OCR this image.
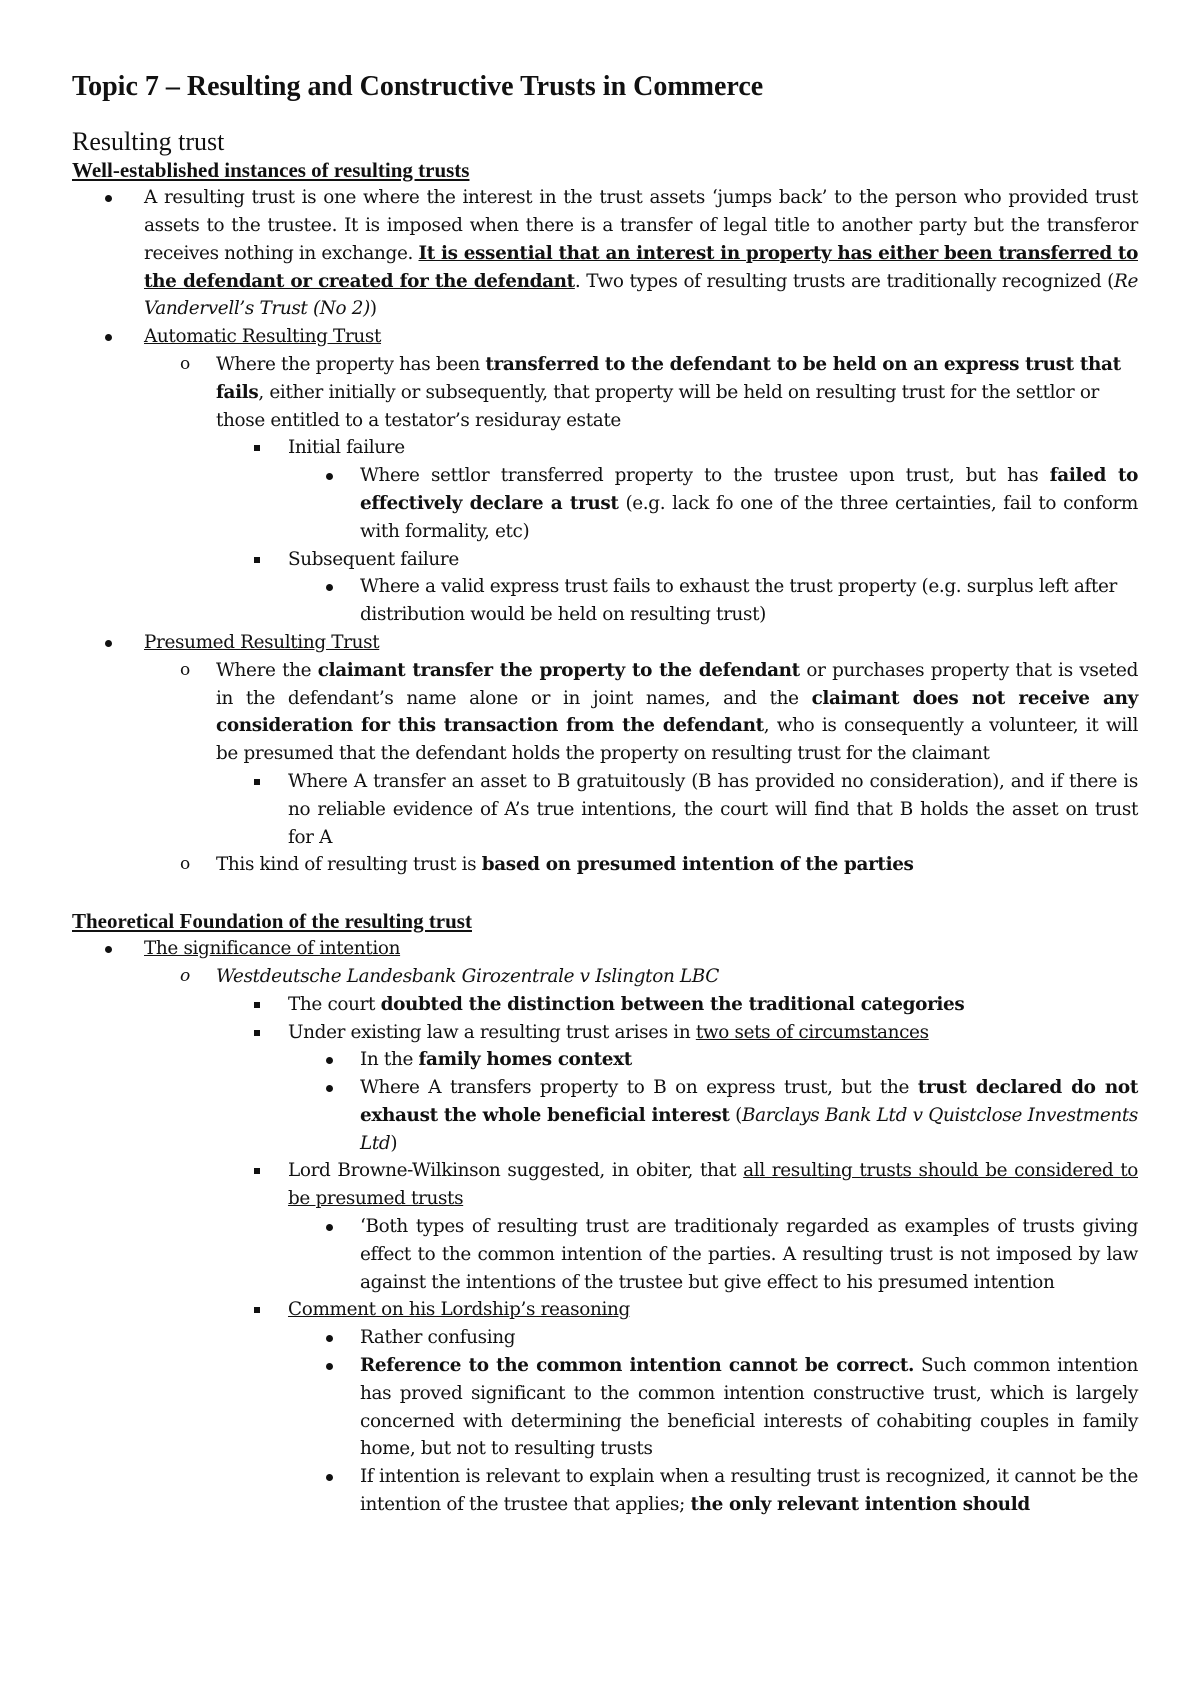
Topic 7 – Resulting and Constructive Trusts in Commerce
Resulting trust
Well-established instances of resulting trusts
A resulting trust is one where the interest in the trust assets ‘jumps back’ to the person who provided trust assets to the trustee. It is imposed when there is a transfer of legal title to another party but the transferor receives nothing in exchange. It is essential that an interest in property has either been transferred to the defendant or created for the defendant. Two types of resulting trusts are traditionally recognized (Re Vandervell’s Trust (No 2))
Automatic Resulting Trust
o	Where the property has been transferred to the defendant to be held on an express trust that fails, either initially or subsequently, that property will be held on resulting trust for the settlor or those entitled to a testator’s residuray estate
Initial failure
Where settlor transferred property to the trustee upon trust, but has failed to effectively declare a trust (e.g. lack fo one of the three certainties, fail to conform with formality, etc)
Subsequent failure
Where a valid express trust fails to exhaust the trust property (e.g. surplus left after distribution would be held on resulting trust)
Presumed Resulting Trust
o	Where the claimant transfer the property to the defendant or purchases property that is vseted in the defendant’s name alone or in joint names, and the claimant does not receive any consideration for this transaction from the defendant, who is consequently a volunteer, it will be presumed that the defendant holds the property on resulting trust for the claimant
Where A transfer an asset to B gratuitously (B has provided no consideration), and if there is no reliable evidence of A’s true intentions, the court will find that B holds the asset on trust for A
o	This kind of resulting trust is based on presumed intention of the parties
Theoretical Foundation of the resulting trust
The significance of intention
o	Westdeutsche Landesbank Girozentrale v Islington LBC
The court doubted the distinction between the traditional categories
Under existing law a resulting trust arises in two sets of circumstances
In the family homes context
Where A transfers property to B on express trust, but the trust declared do not exhaust the whole beneficial interest (Barclays Bank Ltd v Quistclose Investments Ltd)
Lord Browne-Wilkinson suggested, in obiter, that all resulting trusts should be considered to be presumed trusts
‘Both types of resulting trust are traditionaly regarded as examples of trusts giving effect to the common intention of the parties. A resulting trust is not imposed by law against the intentions of the trustee but give effect to his presumed intention
Comment on his Lordship’s reasoning
Rather confusing
Reference to the common intention cannot be correct. Such common intention has proved significant to the common intention constructive trust, which is largely concerned with determining the beneficial interests of cohabiting couples in family home, but not to resulting trusts
If intention is relevant to explain when a resulting trust is recognized, it cannot be the intention of the trustee that applies; the only relevant intention should
